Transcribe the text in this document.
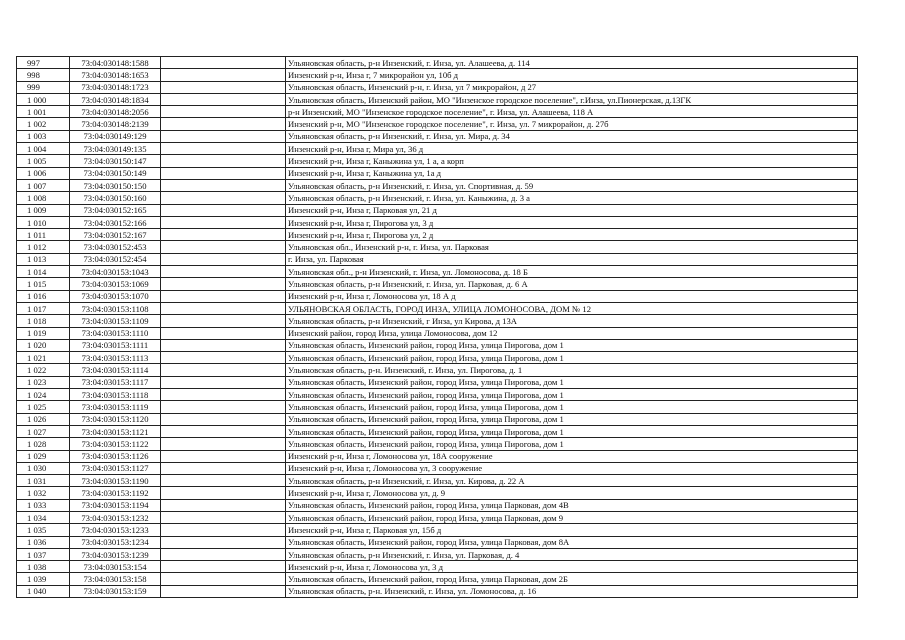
997	73:04:030148:1588		Ульяновская область, р-н Инзенский, г. Инза, ул. Алашеева, д. 114
998	73:04:030148:1653		Инзенский р-н, Инза г, 7 микрорайон ул, 10б д
999	73:04:030148:1723		Ульяновская область, Инзенский р-н, г. Инза, ул 7 микрорайон, д 27
1 000	73:04:030148:1834		Ульяновская область, Инзенский район, МО "Инзенское городское поселение", г.Инза, ул.Пионерская, д.13ГК
1 001	73:04:030148:2056		р-н Инзенский, МО "Инзенское городское поселение", г. Инза, ул. Алашеева, 118 А
1 002	73:04:030148:2139		Инзенский р-н, МО "Инзенское городское поселение", г. Инза, ул. 7 микрорайон, д. 27б
1 003	73:04:030149:129		Ульяновская область, р-н Инзенский, г. Инза, ул. Мира, д. 34
1 004	73:04:030149:135		Инзенский р-н, Инза г, Мира ул, 36 д
1 005	73:04:030150:147		Инзенский р-н, Инза г, Каныжина ул, 1 а, а корп
1 006	73:04:030150:149		Инзенский р-н, Инза г, Каныжина ул, 1а д
1 007	73:04:030150:150		Ульяновская область, р-н Инзенский, г. Инза, ул. Спортивная, д. 59
1 008	73:04:030150:160		Ульяновская область, р-н Инзенский, г. Инза, ул. Каныжина, д. 3 а
1 009	73:04:030152:165		Инзенский р-н, Инза г, Парковая ул, 21 д
1 010	73:04:030152:166		Инзенский р-н, Инза г, Пирогова ул, 3 д
1 011	73:04:030152:167		Инзенский р-н, Инза г, Пирогова ул, 2 д
1 012	73:04:030152:453		Ульяновская обл., Инзенский р-н, г. Инза, ул. Парковая
1 013	73:04:030152:454		г. Инза, ул. Парковая
1 014	73:04:030153:1043		Ульяновская обл., р-н Инзенский, г. Инза, ул. Ломоносова, д. 18 Б
1 015	73:04:030153:1069		Ульяновская область, р-н Инзенский, г. Инза, ул. Парковая, д. 6 А
1 016	73:04:030153:1070		Инзенский р-н, Инза г, Ломоносова ул, 18 А д
1 017	73:04:030153:1108		УЛЬЯНОВСКАЯ ОБЛАСТЬ, ГОРОД ИНЗА, УЛИЦА ЛОМОНОСОВА, ДОМ № 12
1 018	73:04:030153:1109		Ульяновская область, р-н Инзенский, г Инза, ул Кирова, д 13А
1 019	73:04:030153:1110		Инзенский район, город Инза, улица Ломоносова, дом 12
1 020	73:04:030153:1111		Ульяновская область, Инзенский район, город Инза, улица Пирогова, дом 1
1 021	73:04:030153:1113		Ульяновская область, Инзенский район, город Инза, улица Пирогова, дом 1
1 022	73:04:030153:1114		Ульяновская область, р-н. Инзенский, г. Инза, ул. Пирогова, д. 1
1 023	73:04:030153:1117		Ульяновская область, Инзенский район, город Инза, улица Пирогова, дом 1
1 024	73:04:030153:1118		Ульяновская область, Инзенский район, город Инза, улица Пирогова, дом 1
1 025	73:04:030153:1119		Ульяновская область, Инзенский район, город Инза, улица Пирогова, дом 1
1 026	73:04:030153:1120		Ульяновская область, Инзенский район, город Инза, улица Пирогова, дом 1
1 027	73:04:030153:1121		Ульяновская область, Инзенский район, город Инза, улица Пирогова, дом 1
1 028	73:04:030153:1122		Ульяновская область, Инзенский район, город Инза, улица Пирогова, дом 1
1 029	73:04:030153:1126		Инзенский р-н, Инза г, Ломоносова ул, 18А сооружение
1 030	73:04:030153:1127		Инзенский р-н, Инза г, Ломоносова ул, 3 сооружение
1 031	73:04:030153:1190		Ульяновская область, р-н Инзенский, г. Инза, ул. Кирова, д. 22 А
1 032	73:04:030153:1192		Инзенский р-н, Инза г, Ломоносова ул, д. 9
1 033	73:04:030153:1194		Ульяновская область, Инзенский район, город Инза, улица Парковая, дом 4В
1 034	73:04:030153:1232		Ульяновская область, Инзенский район, город Инза, улица Парковая, дом 9
1 035	73:04:030153:1233		Инзенский р-н, Инза г, Парковая ул, 15б д
1 036	73:04:030153:1234		Ульяновская область, Инзенский район, город Инза, улица Парковая, дом 8А
1 037	73:04:030153:1239		Ульяновская область, р-н Инзенский, г. Инза, ул. Парковая, д. 4
1 038	73:04:030153:154		Инзенский р-н, Инза г, Ломоносова ул, 3 д
1 039	73:04:030153:158		Ульяновская область, Инзенский район, город Инза, улица Парковая, дом 2Б
1 040	73:04:030153:159		Ульяновская область, р-н. Инзенский, г. Инза, ул. Ломоносова, д. 16
